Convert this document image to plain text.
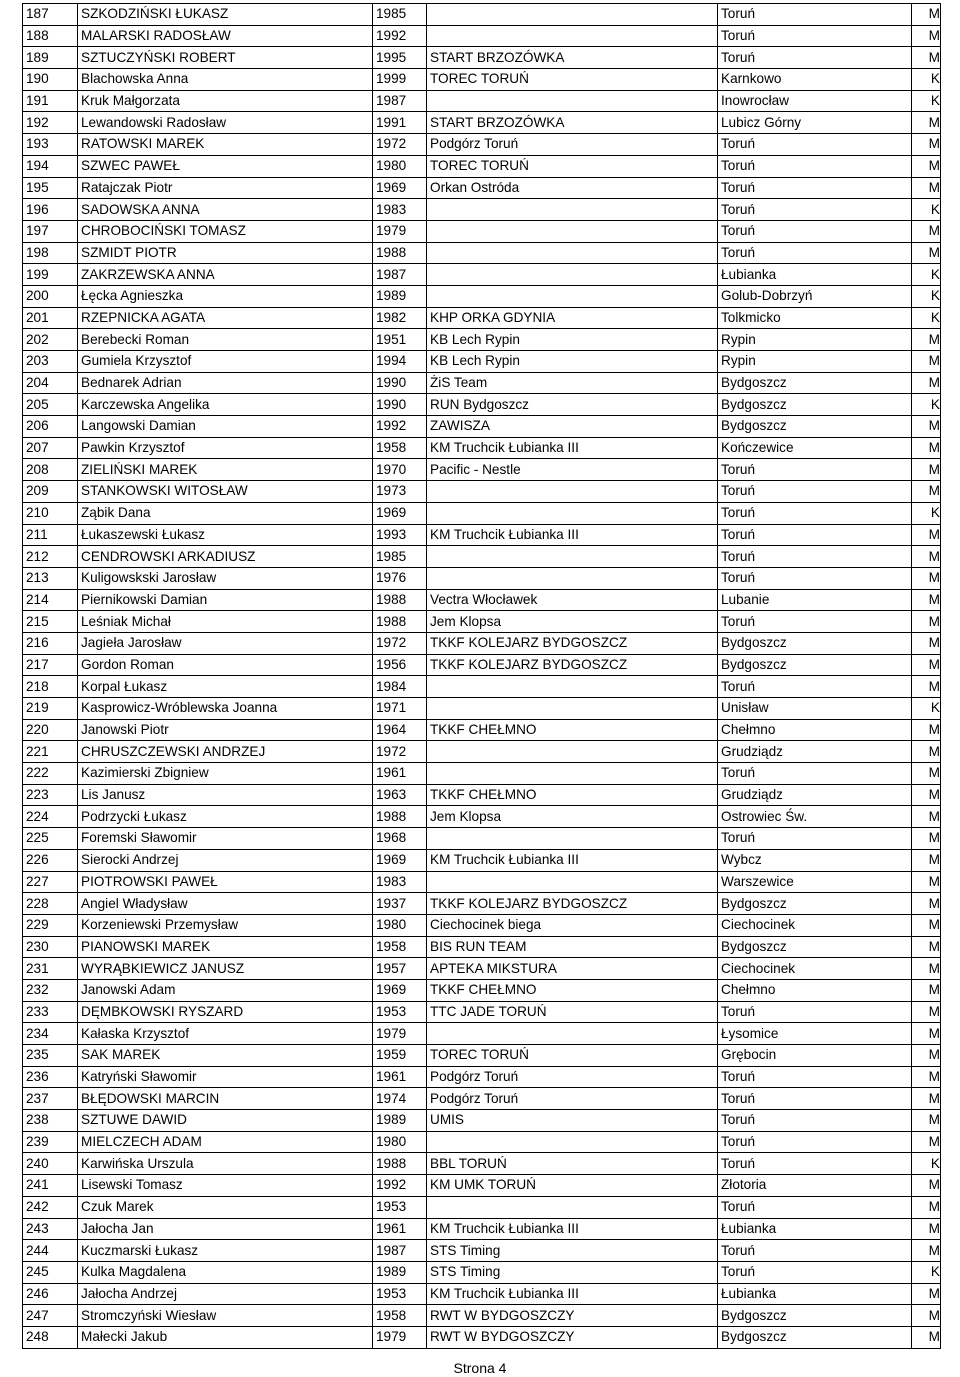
187	SZKODZIŃSKI ŁUKASZ	1985		Toruń	M
188	MALARSKI RADOSŁAW	1992		Toruń	M
189	SZTUCZYŃSKI ROBERT	1995	START BRZOZÓWKA	Toruń	M
190	Blachowska Anna	1999	TOREC TORUŃ	Karnkowo	K
191	Kruk Małgorzata	1987		Inowrocław	K
192	Lewandowski Radosław	1991	START BRZOZÓWKA	Lubicz Górny	M
193	RATOWSKI MAREK	1972	Podgórz Toruń	Toruń	M
194	SZWEC PAWEŁ	1980	TOREC TORUŃ	Toruń	M
195	Ratajczak Piotr	1969	Orkan Ostróda	Toruń	M
196	SADOWSKA ANNA	1983		Toruń	K
197	CHROBOCIŃSKI TOMASZ	1979		Toruń	M
198	SZMIDT PIOTR	1988		Toruń	M
199	ZAKRZEWSKA ANNA	1987		Łubianka	K
200	Łęcka Agnieszka	1989		Golub-Dobrzyń	K
201	RZEPNICKA AGATA	1982	KHP ORKA GDYNIA	Tolkmicko	K
202	Berebecki Roman	1951	KB Lech Rypin	Rypin	M
203	Gumiela Krzysztof	1994	KB Lech Rypin	Rypin	M
204	Bednarek Adrian	1990	ŻiS Team	Bydgoszcz	M
205	Karczewska Angelika	1990	RUN Bydgoszcz	Bydgoszcz	K
206	Langowski Damian	1992	ZAWISZA	Bydgoszcz	M
207	Pawkin Krzysztof	1958	KM Truchcik Łubianka III	Kończewice	M
208	ZIELIŃSKI MAREK	1970	Pacific - Nestle	Toruń	M
209	STANKOWSKI WITOSŁAW	1973		Toruń	M
210	Ząbik Dana	1969		Toruń	K
211	Łukaszewski Łukasz	1993	KM Truchcik Łubianka III	Toruń	M
212	CENDROWSKI ARKADIUSZ	1985		Toruń	M
213	Kuligowskski Jarosław	1976		Toruń	M
214	Piernikowski Damian	1988	Vectra Włocławek	Lubanie	M
215	Leśniak Michał	1988	Jem Klopsa	Toruń	M
216	Jagieła Jarosław	1972	TKKF KOLEJARZ BYDGOSZCZ	Bydgoszcz	M
217	Gordon Roman	1956	TKKF KOLEJARZ BYDGOSZCZ	Bydgoszcz	M
218	Korpal Łukasz	1984		Toruń	M
219	Kasprowicz-Wróblewska Joanna	1971		Unisław	K
220	Janowski Piotr	1964	TKKF CHEŁMNO	Chełmno	M
221	CHRUSZCZEWSKI ANDRZEJ	1972		Grudziądz	M
222	Kazimierski Zbigniew	1961		Toruń	M
223	Lis Janusz	1963	TKKF CHEŁMNO	Grudziądz	M
224	Podrzycki Łukasz	1988	Jem Klopsa	Ostrowiec Św.	M
225	Foremski Sławomir	1968		Toruń	M
226	Sierocki Andrzej	1969	KM Truchcik Łubianka III	Wybcz	M
227	PIOTROWSKI PAWEŁ	1983		Warszewice	M
228	Angiel Władysław	1937	TKKF KOLEJARZ BYDGOSZCZ	Bydgoszcz	M
229	Korzeniewski Przemysław	1980	Ciechocinek biega	Ciechocinek	M
230	PIANOWSKI MAREK	1958	BIS RUN TEAM	Bydgoszcz	M
231	WYRĄBKIEWICZ JANUSZ	1957	APTEKA MIKSTURA	Ciechocinek	M
232	Janowski Adam	1969	TKKF CHEŁMNO	Chełmno	M
233	DĘMBKOWSKI RYSZARD	1953	TTC JADE TORUŃ	Toruń	M
234	Kałaska Krzysztof	1979		Łysomice	M
235	SAK MAREK	1959	TOREC TORUŃ	Grębocin	M
236	Katryński Sławomir	1961	Podgórz Toruń	Toruń	M
237	BŁĘDOWSKI MARCIN	1974	Podgórz Toruń	Toruń	M
238	SZTUWE DAWID	1989	UMIS	Toruń	M
239	MIELCZECH ADAM	1980		Toruń	M
240	Karwińska Urszula	1988	BBL TORUŃ	Toruń	K
241	Lisewski Tomasz	1992	KM UMK TORUŃ	Złotoria	M
242	Czuk Marek	1953		Toruń	M
243	Jałocha Jan	1961	KM Truchcik Łubianka III	Łubianka	M
244	Kuczmarski Łukasz	1987	STS Timing	Toruń	M
245	Kulka Magdalena	1989	STS Timing	Toruń	K
246	Jałocha Andrzej	1953	KM Truchcik Łubianka III	Łubianka	M
247	Stromczyński Wiesław	1958	RWT W BYDGOSZCZY	Bydgoszcz	M
248	Małecki Jakub	1979	RWT W BYDGOSZCZY	Bydgoszcz	M
Strona 4
